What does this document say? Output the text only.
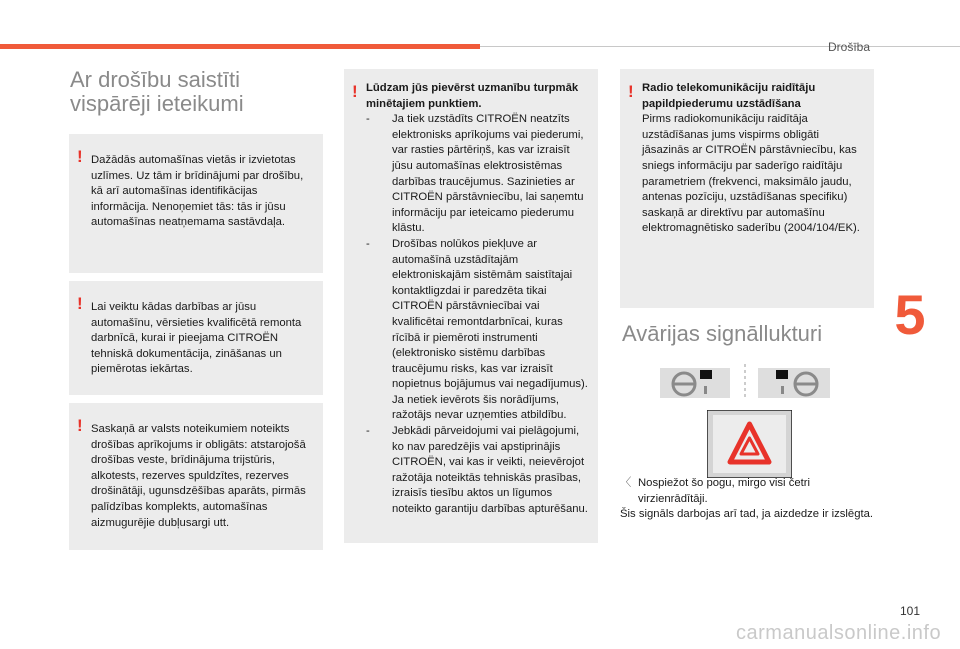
Drošība
5
Ar drošību saistīti vispārēji ieteikumi
! Dažādās automašīnas vietās ir izvietotas uzlīmes. Uz tām ir brīdinājumi par drošību, kā arī automašīnas identifikācijas informācija. Nenoņemiet tās: tās ir jūsu automašīnas neatņemama sastāvdaļa.

! Lai veiktu kādas darbības ar jūsu automašīnu, vērsieties kvalificētā remonta darbnīcā, kurai ir pieejama CITROËN tehniskā dokumentācija, zināšanas un piemērotas iekārtas.

! Saskaņā ar valsts noteikumiem noteikts drošības aprīkojums ir obligāts: atstarojošā drošības veste, brīdinājuma trijstūris, alkotests, rezerves spuldzītes, rezerves drošinātāji, ugunsdzēšības aparāts, pirmās palīdzības komplekts, automašīnas aizmugurējie dubļusargi utt.

! Lūdzam jūs pievērst uzmanību turpmāk minētajiem punktiem.

- Ja tiek uzstādīts CITROËN neatzīts elektronisks aprīkojums vai piederumi, var rasties pārtēriņš, kas var izraisīt jūsu automašīnas elektrosistēmas darbības traucējumus. Sazinieties ar CITROËN pārstāvniecību, lai saņemtu informāciju par ieteicamo piederumu klāstu.
- Drošības nolūkos piekļuve ar automašīnā uzstādītajām elektroniskajām sistēmām saistītajai kontaktligzdai ir paredzēta tikai CITROËN pārstāvniecībai vai kvalificētai remontdarbnīcai, kuras rīcībā ir piemēroti instrumenti (elektronisko sistēmu darbības traucējumu risks, kas var izraisīt nopietnus bojājumus vai negadījumus). Ja netiek ievērots šis norādījums, ražotājs nevar uzņemties atbildību.
- Jebkādi pārveidojumi vai pielāgojumi, ko nav paredzējis vai apstiprinājis CITROËN, vai kas ir veikti, neievērojot ražotāja noteiktās tehniskās prasības, izraisīs tiesību aktos un līgumos noteikto garantiju darbības apturēšanu.
! Radio telekomunikāciju raidītāju papildpiederumu uzstādīšana

Pirms radiokomunikāciju raidītāja uzstādīšanas jums vispirms obligāti jāsazinās ar CITROËN pārstāvniecību, kas sniegs informāciju par saderīgo raidītāju parametriem (frekvenci, maksimālo jaudu, antenas pozīciju, uzstādīšanas specifiku) saskaņā ar direktīvu par automašīnu elektromagnētisko saderību (2004/104/EK).

Avārijas signāllukturi
〈 Nospiežot šo pogu, mirgo visi četri virzienrādītāji.
Šis signāls darbojas arī tad, ja aizdedze ir izslēgta.
101
carmanualsonline.info
